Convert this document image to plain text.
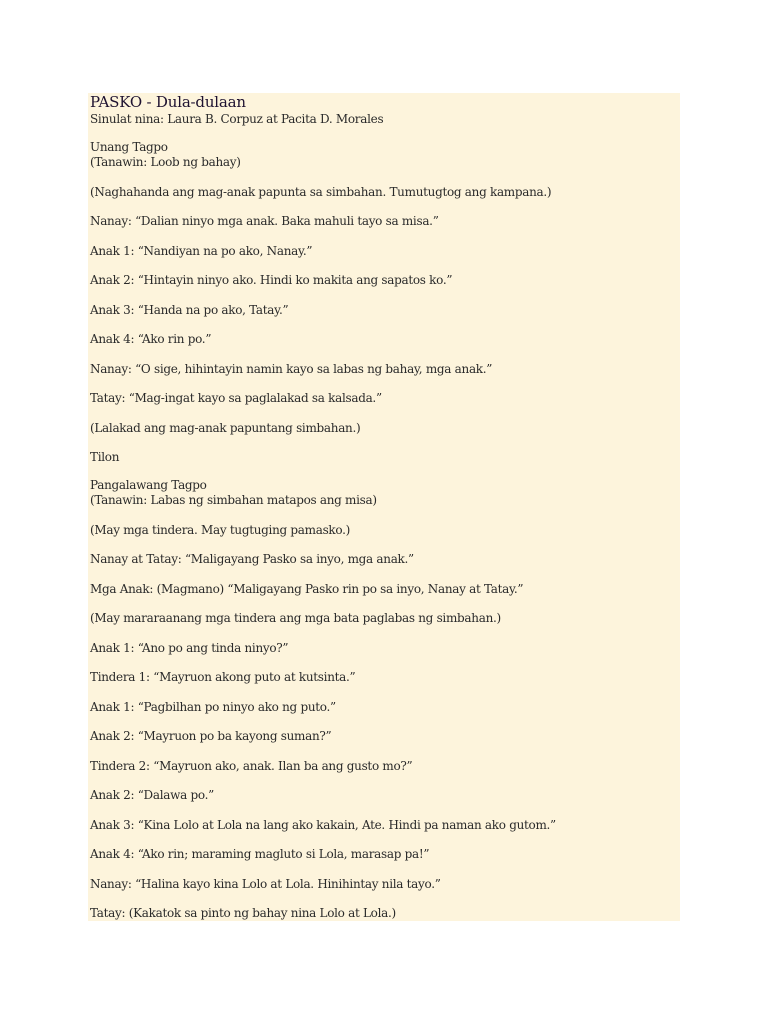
PASKO - Dula-dulaan

Sinulat nina: Laura B. Corpuz at Pacita D. Morales

Unang Tagpo

(Tanawin: Loob ng bahay)

(Naghahanda ang mag-anak papunta sa simbahan. Tumutugtog ang kampana.)

Nanay: “Dalian ninyo mga anak. Baka mahuli tayo sa misa.”

Anak 1: “Nandiyan na po ako, Nanay.”

Anak 2: “Hintayin ninyo ako. Hindi ko makita ang sapatos ko.”

Anak 3: “Handa na po ako, Tatay.”

Anak 4: “Ako rin po.”

Nanay: “O sige, hihintayin namin kayo sa labas ng bahay, mga anak.”

Tatay: “Mag-ingat kayo sa paglalakad sa kalsada.”

(Lalakad ang mag-anak papuntang simbahan.)

Tilon

Pangalawang Tagpo

(Tanawin: Labas ng simbahan matapos ang misa)

(May mga tindera. May tugtuging pamasko.)

Nanay at Tatay: “Maligayang Pasko sa inyo, mga anak.”

Mga Anak: (Magmano) “Maligayang Pasko rin po sa inyo, Nanay at Tatay.”

(May mararaanang mga tindera ang mga bata paglabas ng simbahan.)

Anak 1: “Ano po ang tinda ninyo?”

Tindera 1: “Mayruon akong puto at kutsinta.”

Anak 1: “Pagbilhan po ninyo ako ng puto.”

Anak 2: “Mayruon po ba kayong suman?”

Tindera 2: “Mayruon ako, anak. Ilan ba ang gusto mo?”

Anak 2: “Dalawa po.”

Anak 3: “Kina Lolo at Lola na lang ako kakain, Ate. Hindi pa naman ako gutom.”

Anak 4: “Ako rin; maraming magluto si Lola, marasap pa!”

Nanay: “Halina kayo kina Lolo at Lola. Hinihintay nila tayo.”

Tatay: (Kakatok sa pinto ng bahay nina Lolo at Lola.)
